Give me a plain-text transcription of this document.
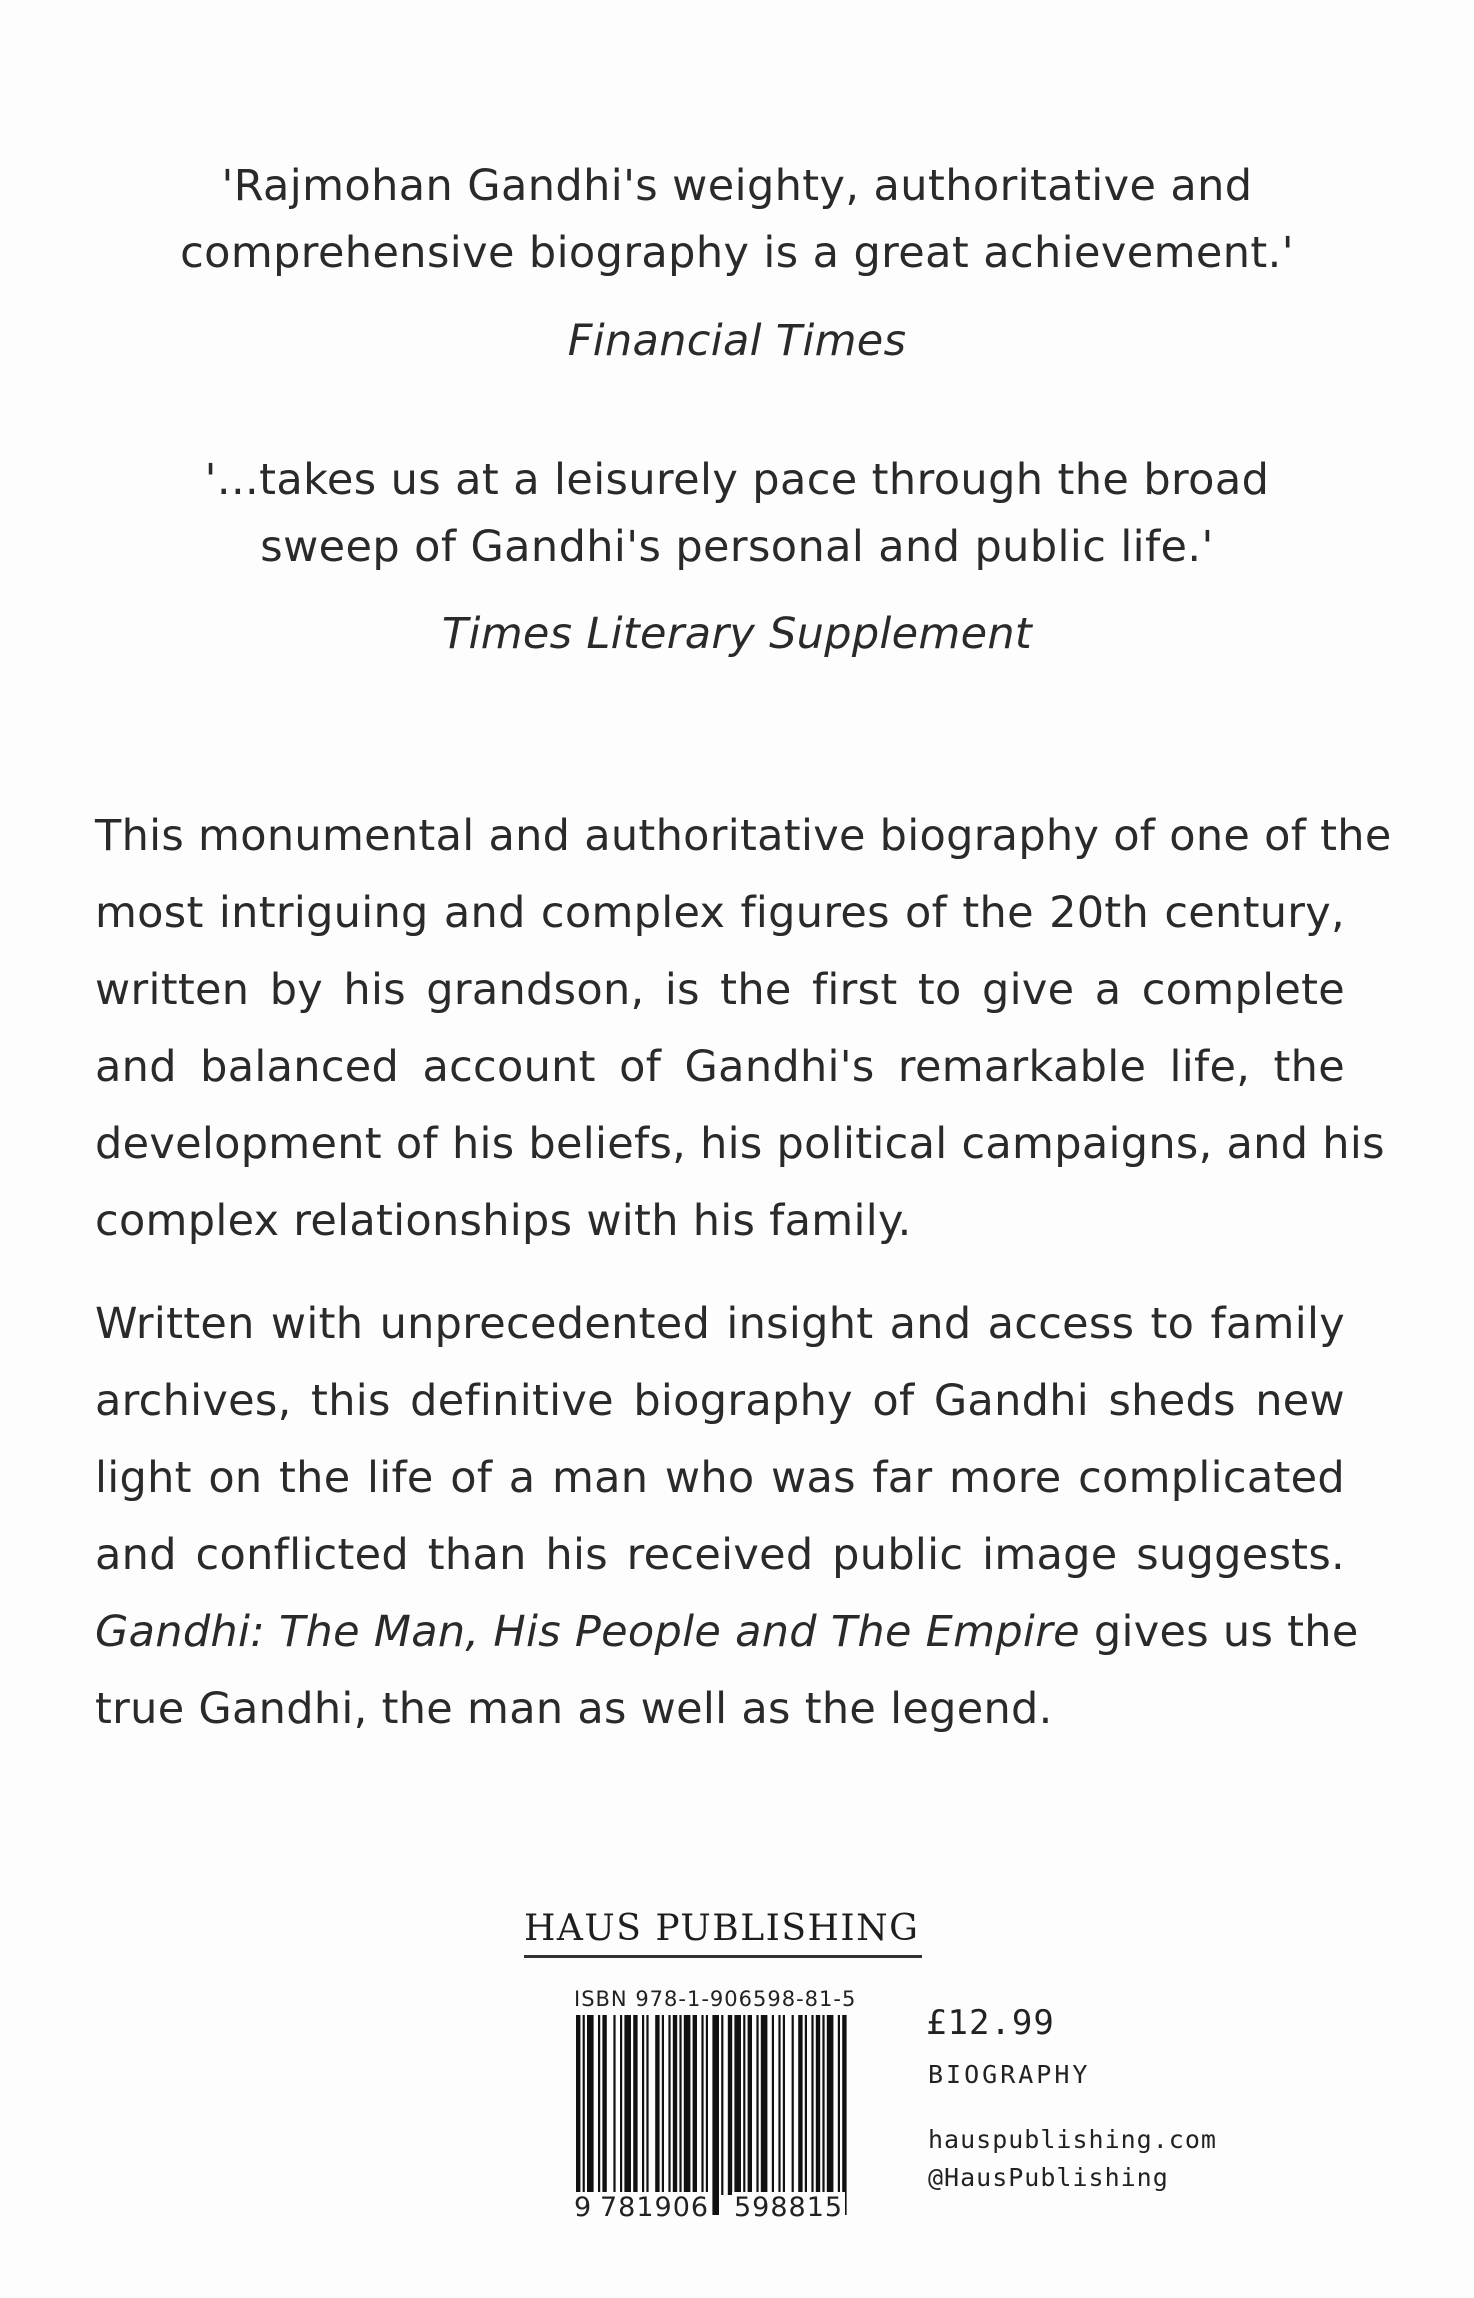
'Rajmohan Gandhi's weighty, authoritative and
comprehensive biography is a great achievement.'
Financial Times
'...takes us at a leisurely pace through the broad
sweep of Gandhi's personal and public life.'
Times Literary Supplement
This monumental and authoritative biography of one of the
most intriguing and complex figures of the 20th century,
written by his grandson, is the first to give a complete
and balanced account of Gandhi's remarkable life, the
development of his beliefs, his political campaigns, and his
complex relationships with his family.
Written with unprecedented insight and access to family
archives, this definitive biography of Gandhi sheds new
light on the life of a man who was far more complicated
and conflicted than his received public image suggests.
Gandhi: The Man, His People and The Empire gives us the
true Gandhi, the man as well as the legend.
HAUS PUBLISHING
ISBN 978-1-906598-81-5
9 781906 598815
£12.99
BIOGRAPHY
hauspublishing.com
@HausPublishing
